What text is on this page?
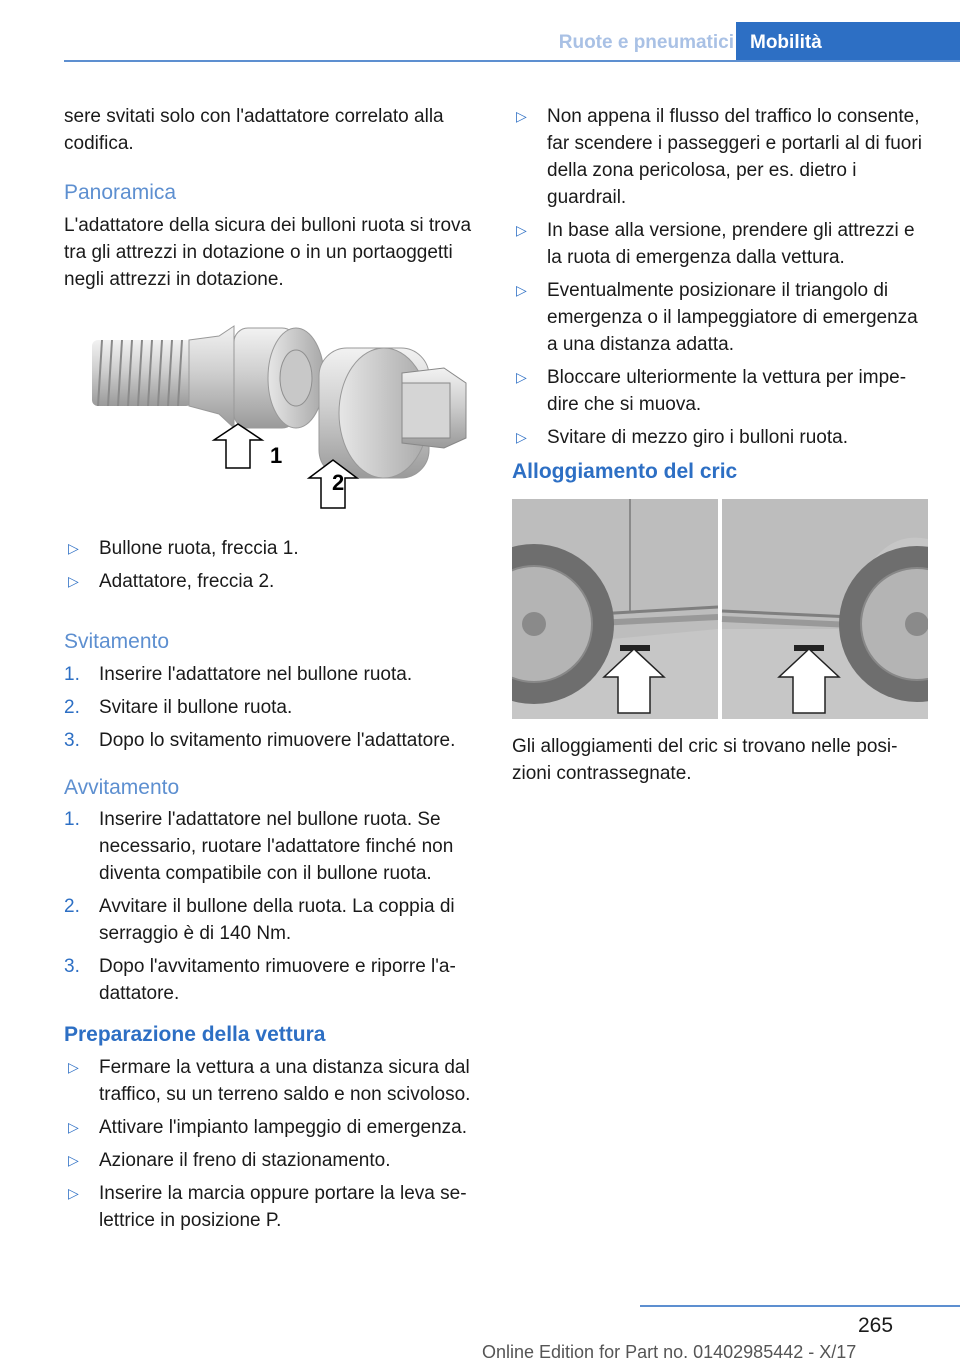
Ruote e pneumatici Mobilità

sere svitati solo con l'adattatore correlato alla codifica.

Panoramica

L'adattatore della sicura dei bulloni ruota si trova tra gli attrezzi in dotazione o in un portaoggetti negli attrezzi in dotazione.

1
2
▷ Bullone ruota, freccia 1.
▷ Adattatore, freccia 2.
Svitamento
1. Inserire l'adattatore nel bullone ruota.
2. Svitare il bullone ruota.
3. Dopo lo svitamento rimuovere l'adattatore.
Avvitamento
1. Inserire l'adattatore nel bullone ruota. Se necessario, ruotare l'adattatore finché non diventa compatibile con il bullone ruota.
2. Avvitare il bullone della ruota. La coppia di serraggio è di 140 Nm.
3. Dopo l'avvitamento rimuovere e riporre l'adattatore.
Preparazione della vettura
▷ Fermare la vettura a una distanza sicura dal traffico, su un terreno saldo e non scivoloso.
▷ Attivare l'impianto lampeggio di emergenza.
▷ Azionare il freno di stazionamento.
▷ Inserire la marcia oppure portare la leva selettrice in posizione P.
▷ Non appena il flusso del traffico lo consente, far scendere i passeggeri e portarli al di fuori della zona pericolosa, per es. dietro i guardrail.
▷ In base alla versione, prendere gli attrezzi e la ruota di emergenza dalla vettura.
▷ Eventualmente posizionare il triangolo di emergenza o il lampeggiatore di emergenza a una distanza adatta.
▷ Bloccare ulteriormente la vettura per impedire che si muova.
▷ Svitare di mezzo giro i bulloni ruota.
Alloggiamento del cric

Gli alloggiamenti del cric si trovano nelle posizioni contrassegnate.

265
Online Edition for Part no. 01402985442 - X/17
